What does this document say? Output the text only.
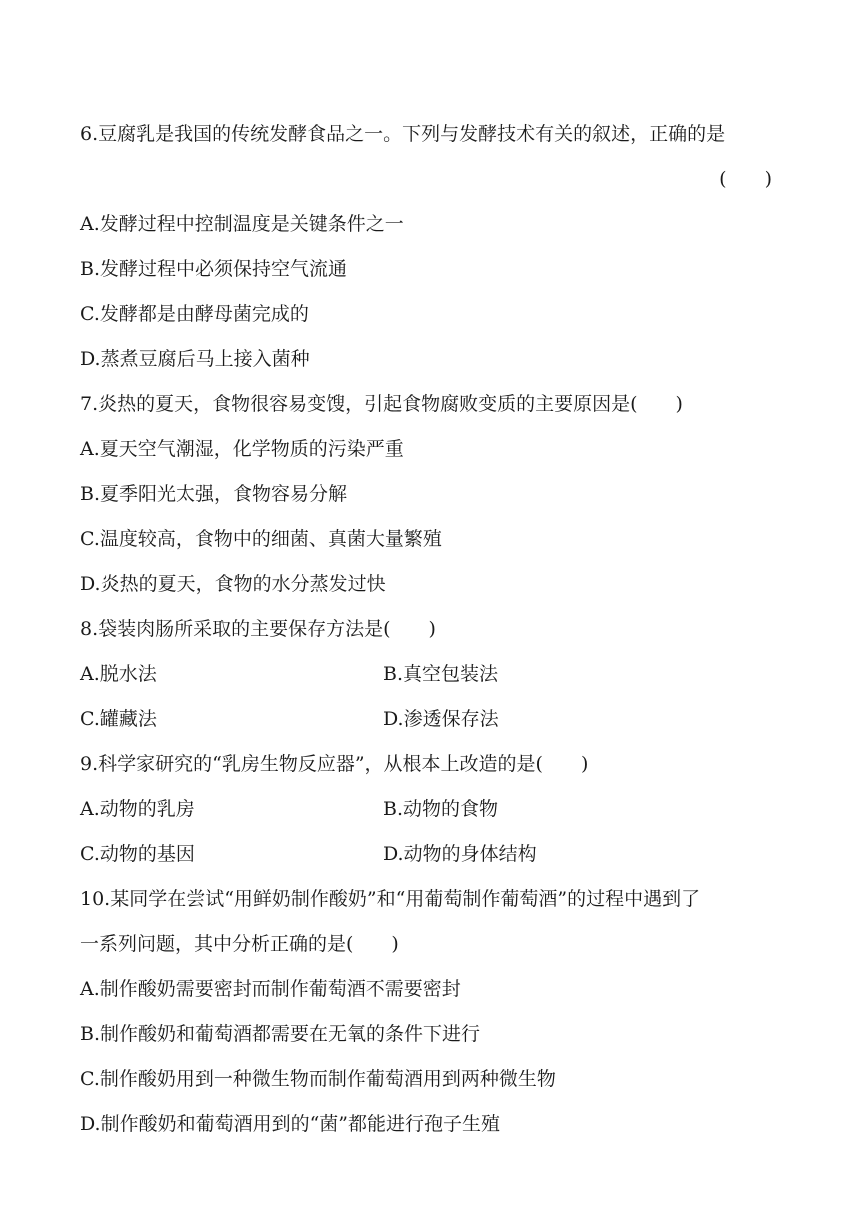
6.豆腐乳是我国的传统发酵食品之一。下列与发酵技术有关的叙述，正确的是
(　　)
A.发酵过程中控制温度是关键条件之一
B.发酵过程中必须保持空气流通
C.发酵都是由酵母菌完成的
D.蒸煮豆腐后马上接入菌种
7.炎热的夏天，食物很容易变馊，引起食物腐败变质的主要原因是(　　)
A.夏天空气潮湿，化学物质的污染严重
B.夏季阳光太强，食物容易分解
C.温度较高，食物中的细菌、真菌大量繁殖
D.炎热的夏天，食物的水分蒸发过快
8.袋装肉肠所采取的主要保存方法是(　　)
A.脱水法	B.真空包装法
C.罐藏法	D.渗透保存法
9.科学家研究的“乳房生物反应器”，从根本上改造的是(　　)
A.动物的乳房	B.动物的食物
C.动物的基因	D.动物的身体结构
10.某同学在尝试“用鲜奶制作酸奶”和“用葡萄制作葡萄酒”的过程中遇到了
一系列问题，其中分析正确的是(　　)
A.制作酸奶需要密封而制作葡萄酒不需要密封
B.制作酸奶和葡萄酒都需要在无氧的条件下进行
C.制作酸奶用到一种微生物而制作葡萄酒用到两种微生物
D.制作酸奶和葡萄酒用到的“菌”都能进行孢子生殖
